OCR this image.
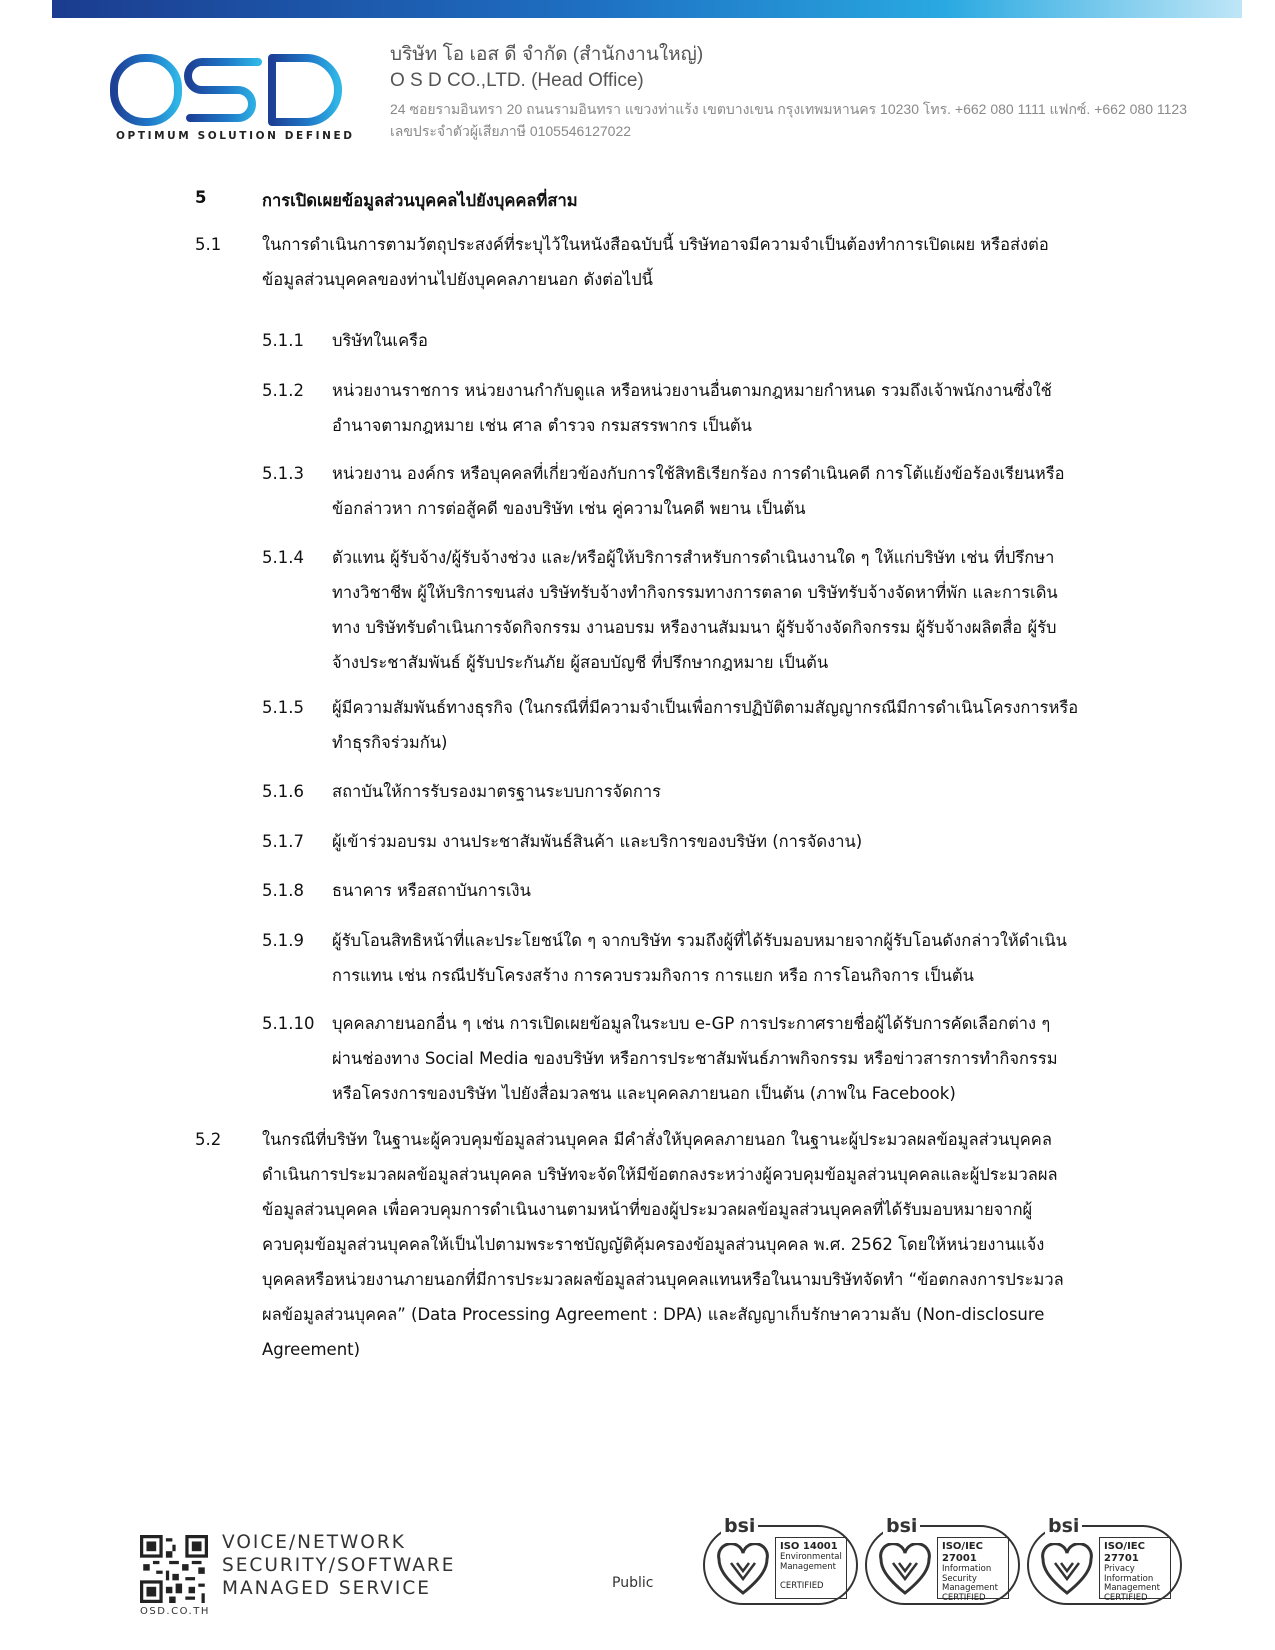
OPTIMUM SOLUTION DEFINED
บริษัท โอ เอส ดี จำกัด (สำนักงานใหญ่)
O S D CO.,LTD. (Head Office)
24 ซอยรามอินทรา 20 ถนนรามอินทรา แขวงท่าแร้ง เขตบางเขน กรุงเทพมหานคร 10230 โทร. +662 080 1111 แฟกซ์. +662 080 1123
เลขประจำตัวผู้เสียภาษี 0105546127022
5	การเปิดเผยข้อมูลส่วนบุคคลไปยังบุคคลที่สาม
5.1 ในการดำเนินการตามวัตถุประสงค์ที่ระบุไว้ในหนังสือฉบับนี้ บริษัทอาจมีความจำเป็นต้องทำการเปิดเผย หรือส่งต่อข้อมูลส่วนบุคคลของท่านไปยังบุคคลภายนอก ดังต่อไปนี้
5.1.1 บริษัทในเครือ
5.1.2 หน่วยงานราชการ หน่วยงานกำกับดูแล หรือหน่วยงานอื่นตามกฎหมายกำหนด รวมถึงเจ้าพนักงานซึ่งใช้อำนาจตามกฎหมาย เช่น ศาล ตำรวจ กรมสรรพากร เป็นต้น
5.1.3 หน่วยงาน องค์กร หรือบุคคลที่เกี่ยวข้องกับการใช้สิทธิเรียกร้อง การดำเนินคดี การโต้แย้งข้อร้องเรียนหรือข้อกล่าวหา การต่อสู้คดี ของบริษัท เช่น คู่ความในคดี พยาน เป็นต้น
5.1.4 ตัวแทน ผู้รับจ้าง/ผู้รับจ้างช่วง และ/หรือผู้ให้บริการสำหรับการดำเนินงานใด ๆ ให้แก่บริษัท เช่น ที่ปรึกษาทางวิชาชีพ ผู้ให้บริการขนส่ง บริษัทรับจ้างทำกิจกรรมทางการตลาด บริษัทรับจ้างจัดหาที่พัก และการเดินทาง บริษัทรับดำเนินการจัดกิจกรรม งานอบรม หรืองานสัมมนา ผู้รับจ้างจัดกิจกรรม ผู้รับจ้างผลิตสื่อ ผู้รับจ้างประชาสัมพันธ์ ผู้รับประกันภัย ผู้สอบบัญชี ที่ปรึกษากฎหมาย เป็นต้น
5.1.5 ผู้มีความสัมพันธ์ทางธุรกิจ (ในกรณีที่มีความจำเป็นเพื่อการปฏิบัติตามสัญญากรณีมีการดำเนินโครงการหรือทำธุรกิจร่วมกัน)
5.1.6 สถาบันให้การรับรองมาตรฐานระบบการจัดการ
5.1.7 ผู้เข้าร่วมอบรม งานประชาสัมพันธ์สินค้า และบริการของบริษัท (การจัดงาน)
5.1.8 ธนาคาร หรือสถาบันการเงิน
5.1.9 ผู้รับโอนสิทธิหน้าที่และประโยชน์ใด ๆ จากบริษัท รวมถึงผู้ที่ได้รับมอบหมายจากผู้รับโอนดังกล่าวให้ดำเนินการแทน เช่น กรณีปรับโครงสร้าง การควบรวมกิจการ การแยก หรือ การโอนกิจการ เป็นต้น
5.1.10 บุคคลภายนอกอื่น ๆ เช่น การเปิดเผยข้อมูลในระบบ e-GP การประกาศรายชื่อผู้ได้รับการคัดเลือกต่าง ๆ ผ่านช่องทาง Social Media ของบริษัท หรือการประชาสัมพันธ์ภาพกิจกรรม หรือข่าวสารการทำกิจกรรม หรือโครงการของบริษัท ไปยังสื่อมวลชน และบุคคลภายนอก เป็นต้น (ภาพใน Facebook)
5.2 ในกรณีที่บริษัท ในฐานะผู้ควบคุมข้อมูลส่วนบุคคล มีคำสั่งให้บุคคลภายนอก ในฐานะผู้ประมวลผลข้อมูลส่วนบุคคลดำเนินการประมวลผลข้อมูลส่วนบุคคล บริษัทจะจัดให้มีข้อตกลงระหว่างผู้ควบคุมข้อมูลส่วนบุคคลและผู้ประมวลผลข้อมูลส่วนบุคคล เพื่อควบคุมการดำเนินงานตามหน้าที่ของผู้ประมวลผลข้อมูลส่วนบุคคลที่ได้รับมอบหมายจากผู้ควบคุมข้อมูลส่วนบุคคลให้เป็นไปตามพระราชบัญญัติคุ้มครองข้อมูลส่วนบุคคล พ.ศ. 2562 โดยให้หน่วยงานแจ้งบุคคลหรือหน่วยงานภายนอกที่มีการประมวลผลข้อมูลส่วนบุคคลแทนหรือในนามบริษัทจัดทำ “ข้อตกลงการประมวลผลข้อมูลส่วนบุคคล” (Data Processing Agreement : DPA) และสัญญาเก็บรักษาความลับ (Non-disclosure Agreement)
OSD.CO.TH
VOICE/NETWORK
SECURITY/SOFTWARE
MANAGED SERVICE	Public
bsi
ISO 14001
Environmental
Management
CERTIFIED
bsi
ISO/IEC 27001
Information Security
Management
CERTIFIED
bsi
ISO/IEC 27701
Privacy
Information
Management
CERTIFIED
